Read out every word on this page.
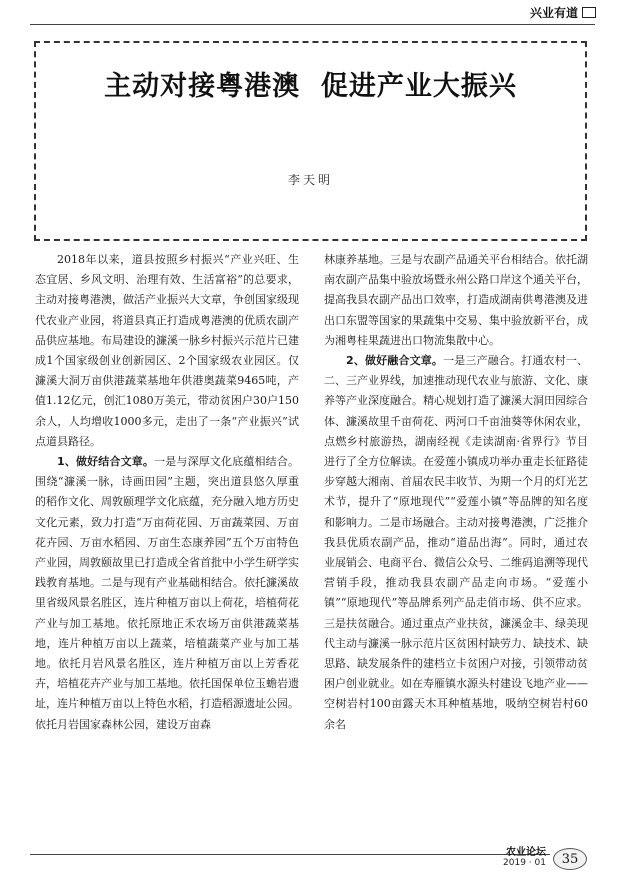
兴业有道
主动对接粤港澳  促进产业大振兴
李天明

2018年以来，道县按照乡村振兴“产业兴旺、生态宜居、乡风文明、治理有效、生活富裕”的总要求，主动对接粤港澳，做活产业振兴大文章，争创国家级现代农业产业园，将道县真正打造成粤港澳的优质农副产品供应基地。布局建设的濂溪一脉乡村振兴示范片已建成1个国家级创业创新园区、2个国家级农业园区。仅濂溪大洞万亩供港蔬菜基地年供港奥蔬菜9465吨，产值1.12亿元，创汇1080万美元，带动贫困户30户150余人，人均增收1000多元，走出了一条“产业振兴”试点道县路径。

1、做好结合文章。一是与深厚文化底蕴相结合。围绕“濂溪一脉，诗画田园”主题，突出道县悠久厚重的稻作文化、周敦颐理学文化底蕴，充分融入地方历史文化元素，致力打造“万亩荷花园、万亩蔬菜园、万亩花卉园、万亩水稻园、万亩生态康养园”五个万亩特色产业园，周敦颐故里已打造成全省首批中小学生研学实践教育基地。二是与现有产业基础相结合。依托濂溪故里省级风景名胜区，连片种植万亩以上荷花，培植荷花产业与加工基地。依托原地正禾农场万亩供港蔬菜基地，连片种植万亩以上蔬菜，培植蔬菜产业与加工基地。依托月岩风景名胜区，连片种植万亩以上芳香花卉，培植花卉产业与加工基地。依托国保单位玉蟾岩遗址，连片种植万亩以上特色水稻，打造稻源遗址公园。依托月岩国家森林公园，建设万亩森

林康养基地。三是与农副产品通关平台相结合。依托湖南农副产品集中验放场暨永州公路口岸这个通关平台，提高我县农副产品出口效率，打造成湖南供粤港澳及进出口东盟等国家的果蔬集中交易、集中验放新平台，成为湘粤桂果蔬进出口物流集散中心。

2、做好融合文章。一是三产融合。打通农村一、二、三产业界线，加速推动现代农业与旅游、文化、康养等产业深度融合。精心规划打造了濂溪大洞田园综合体、濂溪故里千亩荷花、两河口千亩油葵等休闲农业，点燃乡村旅游热，湖南经视《走读湖南·省界行》节目进行了全方位解读。在爱莲小镇成功举办重走长征路徒步穿越大湘南、首届农民丰收节、为期一个月的灯光艺术节，提升了“原地现代”“爱莲小镇”等品牌的知名度和影响力。二是市场融合。主动对接粤港澳，广泛推介我县优质农副产品，推动“道品出海”。同时，通过农业展销会、电商平台、微信公众号、二维码追溯等现代营销手段，推动我县农副产品走向市场。“爱莲小镇”“原地现代”等品牌系列产品走俏市场、供不应求。三是扶贫融合。通过重点产业扶贫，濂溪金丰、绿美现代主动与濂溪一脉示范片区贫困村缺劳力、缺技术、缺思路、缺发展条件的建档立卡贫困户对接，引领带动贫困户创业就业。如在寿雁镇水源头村建设飞地产业——空树岩村100亩露天木耳种植基地，吸纳空树岩村60余名

农业论坛
2019 · 01	35
